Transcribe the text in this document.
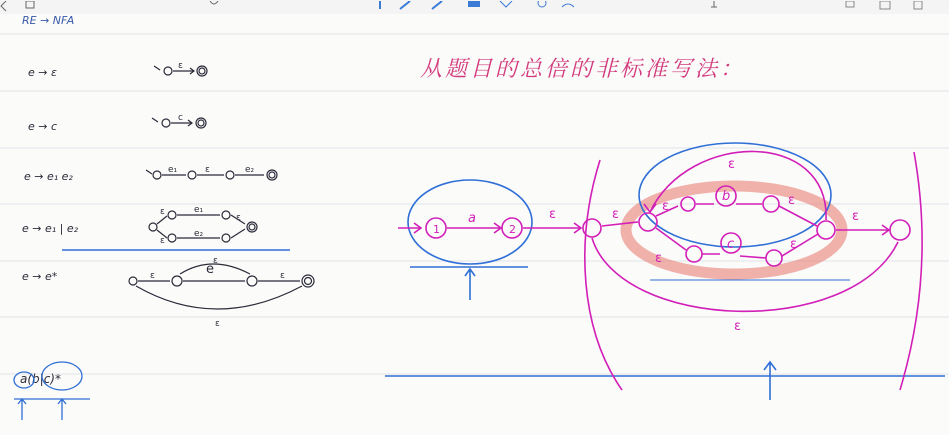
RE → NFA
e → ε
e → c
e → e₁ e₂
e → e₁ | e₂
e → e*
ε
c
e₁	ε	e₂
ε	e₁
e₂
ε
ε
ε	e
ε
ε
ε
从题目的总倍的非标准写法：
a(b|c)*
1	2
a	ε	ε
ε
b
ε
ε
ε
c	ε
ε
ε
